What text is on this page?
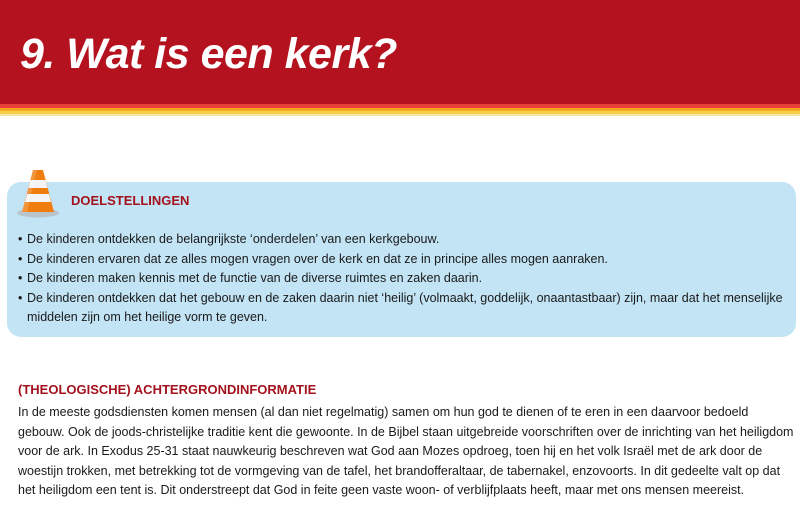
9. Wat is een kerk?
DOELSTELLINGEN
• De kinderen ontdekken de belangrijkste ‘onderdelen’ van een kerkgebouw.
• De kinderen ervaren dat ze alles mogen vragen over de kerk en dat ze in principe alles mogen aanraken.
• De kinderen maken kennis met de functie van de diverse ruimtes en zaken daarin.
• De kinderen ontdekken dat het gebouw en de zaken daarin niet ‘heilig’ (volmaakt, goddelijk, onaantastbaar) zijn, maar dat het menselijke middelen zijn om het heilige vorm te geven.
(THEOLOGISCHE) ACHTERGRONDINFORMATIE

In de meeste godsdiensten komen mensen (al dan niet regelmatig) samen om hun god te dienen of te eren in een daarvoor bedoeld gebouw. Ook de joods-christelijke traditie kent die gewoonte. In de Bijbel staan uitgebreide voorschriften over de inrichting van het heiligdom voor de ark. In Exodus 25-31 staat nauwkeurig beschreven wat God aan Mozes opdroeg, toen hij en het volk Israël met de ark door de woestijn trokken, met betrekking tot de vormgeving van de tafel, het brandofferaltaar, de tabernakel, enzovoorts. In dit gedeelte valt op dat het heiligdom een tent is. Dit onderstreept dat God in feite geen vaste woon- of verblijfplaats heeft, maar met ons mensen meereist.
